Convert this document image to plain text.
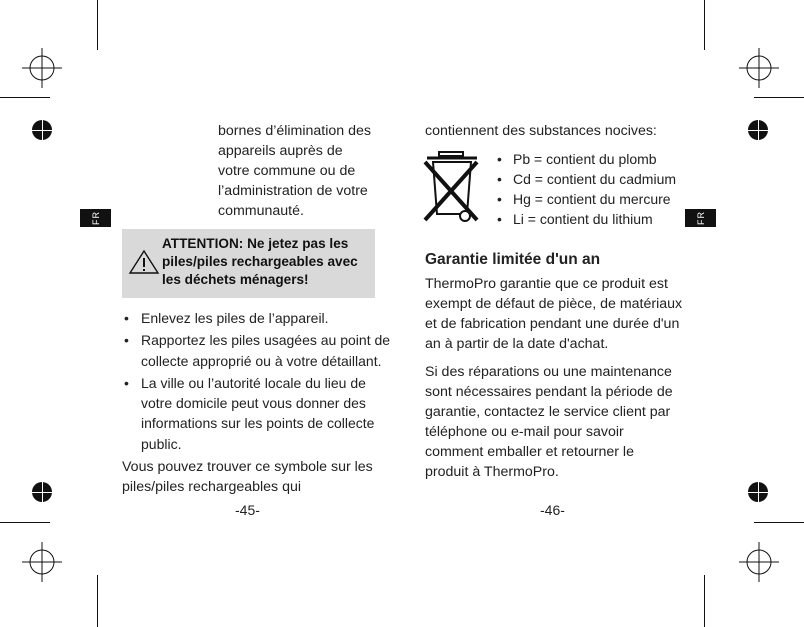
FR	FR
bornes d’élimination des
appareils auprès de
votre commune ou de
l’administration de votre
communauté.
ATTENTION: Ne jetez pas les
piles/piles rechargeables avec
les déchets ménagers!
• Enlevez les piles de l’appareil.
• Rapportez les piles usagées au point de
collecte approprié ou à votre détaillant.
• La ville ou l’autorité locale du lieu de
votre domicile peut vous donner des
informations sur les points de collecte
public.
Vous pouvez trouver ce symbole sur les
piles/piles rechargeables qui
-45-
contiennent des substances nocives:
• Pb = contient du plomb
• Cd = contient du cadmium
• Hg = contient du mercure
• Li = contient du lithium
Garantie limitée d'un an
ThermoPro garantie que ce produit est
exempt de défaut de pièce, de matériaux
et de fabrication pendant une durée d'un
an à partir de la date d'achat.
Si des réparations ou une maintenance
sont nécessaires pendant la période de
garantie, contactez le service client par
téléphone ou e-mail pour savoir
comment emballer et retourner le
produit à ThermoPro.
-46-
